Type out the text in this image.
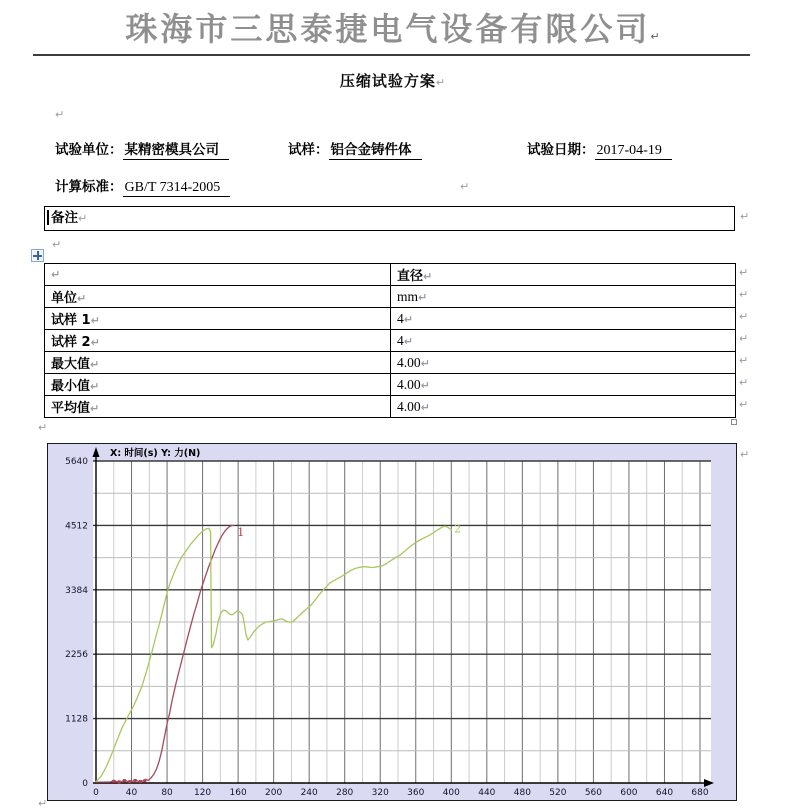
珠海市三思泰捷电气设备有限公司↵
压缩试验方案↵
↵
试验单位： 某精密模具公司	试样： 铝合金铸件体	试验日期： 2017-04-19
计算标准： GB/T 7314-2005	↵
备注↵	↵
↵
↵	直径↵
单位↵	mm↵
试样 1↵	4↵
试样 2↵	4↵
最大值↵	4.00↵
最小值↵	4.00↵
平均值↵	4.00↵
↵
↵
↵
↵
↵
↵
↵
↵
0
1128
2256
3384
4512
5640
0	40	80 120 160 200 240 280 320 360 400 440 480 520 560 600 640 680
X: 时间(s) Y: 力(N)
1	2
↵
↵
